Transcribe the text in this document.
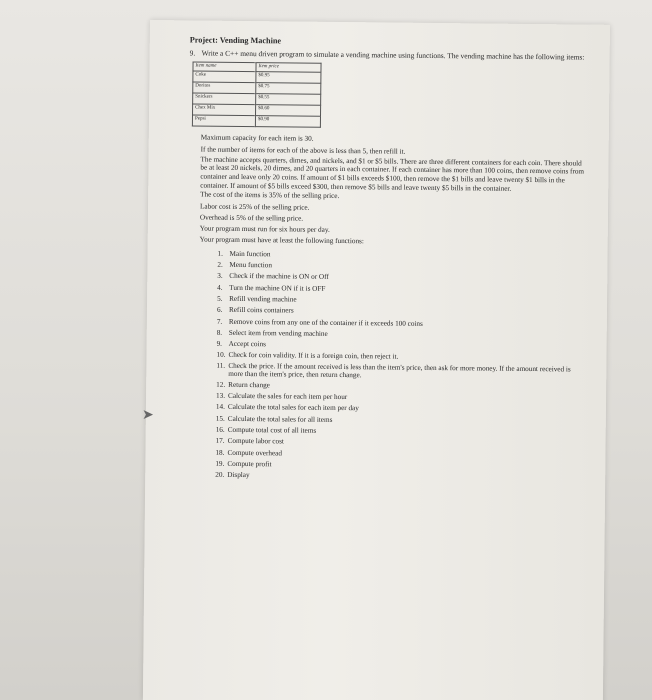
Project: Vending Machine
9. Write a C++ menu driven program to simulate a vending machine using functions. The vending machine has the following items:
Item name	Item price
Coke	$0.95
Doritos	$0.75
Snickers	$0.55
Chex Mix	$0.60
Pepsi	$0.90

Maximum capacity for each item is 30.

If the number of items for each of the above is less than 5, then refill it.

The machine accepts quarters, dimes, and nickels, and $1 or $5 bills. There are three different containers for each coin. There should be at least 20 nickels, 20 dimes, and 20 quarters in each container. If each container has more than 100 coins, then remove coins from container and leave only 20 coins. If amount of $1 bills exceeds $100, then remove the $1 bills and leave twenty $1 bills in the container. If amount of $5 bills exceed $300, then remove $5 bills and leave twenty $5 bills in the container.

The cost of the items is 35% of the selling price.

Labor cost is 25% of the selling price.

Overhead is 5% of the selling price.

Your program must run for six hours per day.

Your program must have at least the following functions:

1. Main function
2. Menu function
3. Check if the machine is ON or Off
4. Turn the machine ON if it is OFF
5. Refill vending machine
6. Refill coins containers
7. Remove coins from any one of the container if it exceeds 100 coins
8. Select item from vending machine
9. Accept coins
10. Check for coin validity. If it is a foreign coin, then reject it.
11. Check the price. If the amount received is less than the item's price, then ask for more money. If the amount received is more than the item's price, then return change.
12. Return change
13. Calculate the sales for each item per hour
14. Calculate the total sales for each item per day
15. Calculate the total sales for all items
16. Compute total cost of all items
17. Compute labor cost
18. Compute overhead
19. Compute profit
20. Display
➤
